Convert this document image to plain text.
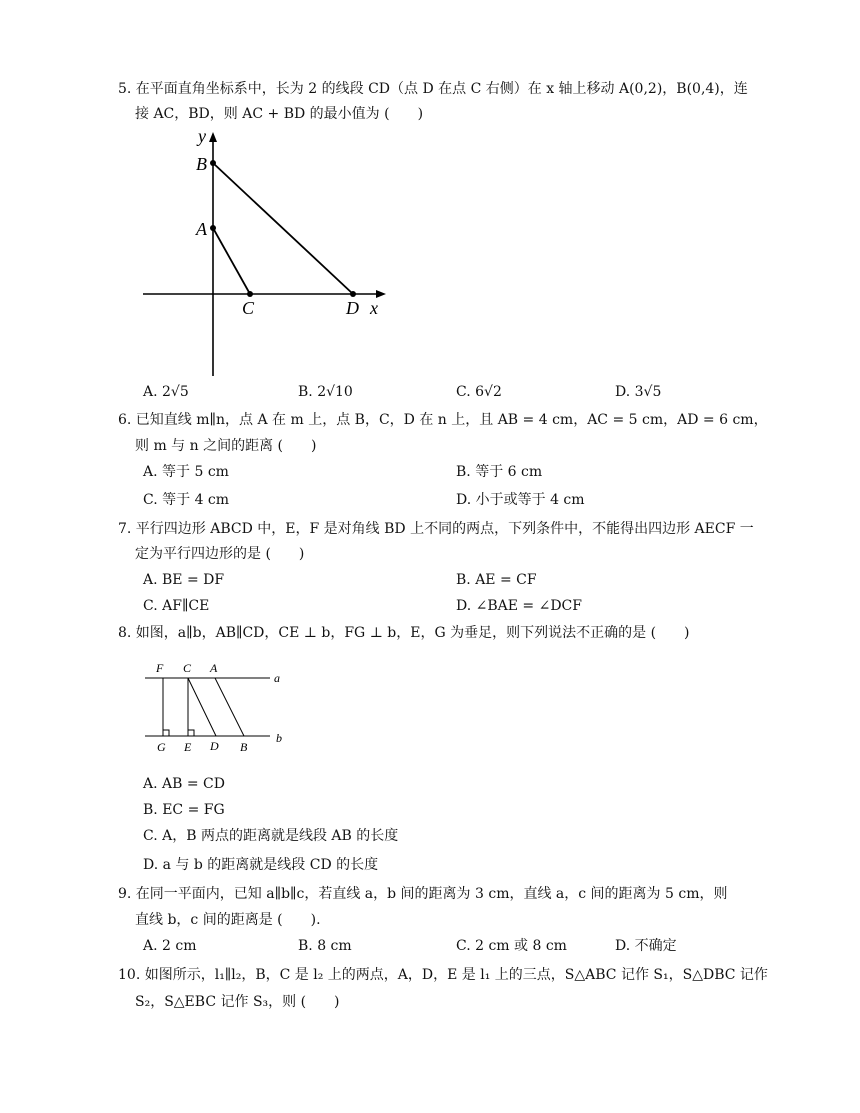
5. 在平面直角坐标系中，长为 2 的线段 CD（点 D 在点 C 右侧）在 x 轴上移动 A(0,2)，B(0,4)，连
接 AC，BD，则 AC + BD 的最小值为 (　　)
y
B
A
C	D x
A. 2√5	B. 2√10	C. 6√2	D. 3√5
6. 已知直线 m∥n，点 A 在 m 上，点 B，C，D 在 n 上，且 AB = 4 cm，AC = 5 cm，AD = 6 cm，
则 m 与 n 之间的距离 (　　)
A. 等于 5 cm	B. 等于 6 cm
C. 等于 4 cm	D. 小于或等于 4 cm
7. 平行四边形 ABCD 中，E，F 是对角线 BD 上不同的两点，下列条件中，不能得出四边形 AECF 一
定为平行四边形的是 (　　)
A. BE = DF	B. AE = CF
C. AF∥CE	D. ∠BAE = ∠DCF
8. 如图，a∥b，AB∥CD，CE ⊥ b，FG ⊥ b，E，G 为垂足，则下列说法不正确的是 (　　)
F C A
a
G E D B
b
A. AB = CD
B. EC = FG
C. A，B 两点的距离就是线段 AB 的长度
D. a 与 b 的距离就是线段 CD 的长度
9. 在同一平面内，已知 a∥b∥c，若直线 a，b 间的距离为 3 cm，直线 a，c 间的距离为 5 cm，则
直线 b，c 间的距离是 (　　).
A. 2 cm	B. 8 cm	C. 2 cm 或 8 cm	D. 不确定
10. 如图所示，l₁∥l₂，B，C 是 l₂ 上的两点，A，D，E 是 l₁ 上的三点，S△ABC 记作 S₁，S△DBC 记作
S₂，S△EBC 记作 S₃，则 (　　)
